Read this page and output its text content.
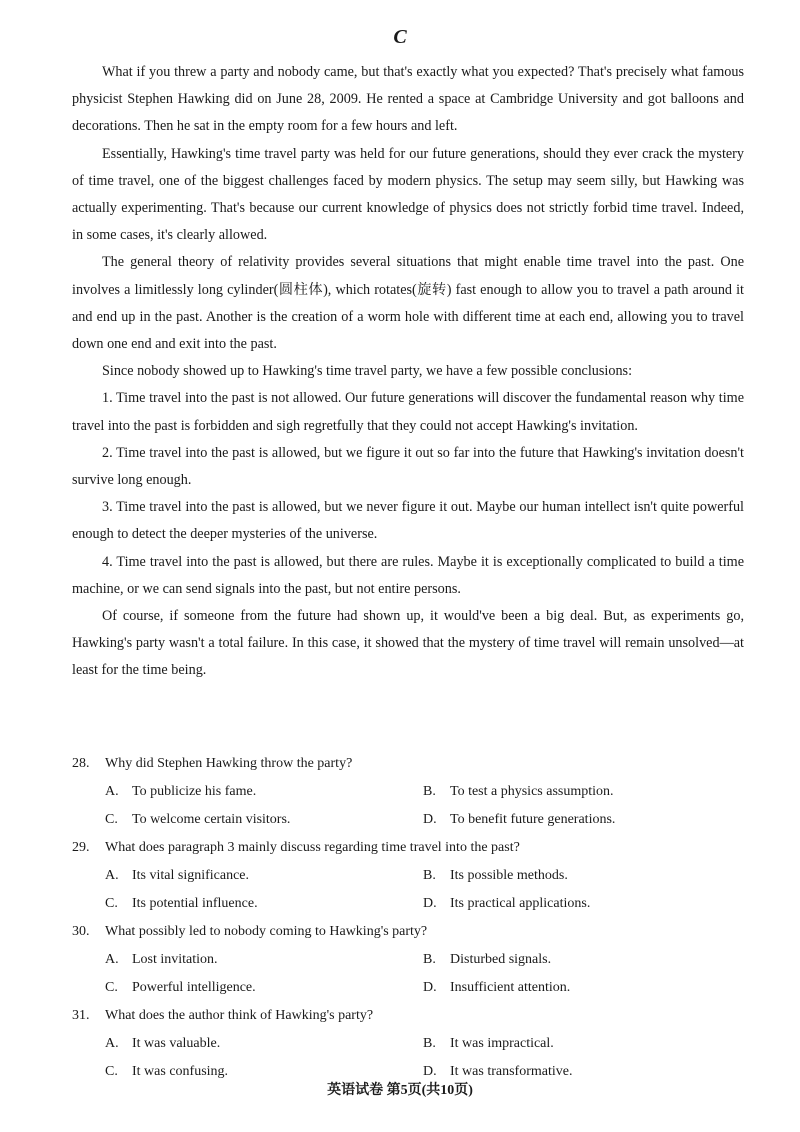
C

What if you threw a party and nobody came, but that's exactly what you expected? That's precisely what famous physicist Stephen Hawking did on June 28, 2009. He rented a space at Cambridge University and got balloons and decorations. Then he sat in the empty room for a few hours and left.

Essentially, Hawking's time travel party was held for our future generations, should they ever crack the mystery of time travel, one of the biggest challenges faced by modern physics. The setup may seem silly, but Hawking was actually experimenting. That's because our current knowledge of physics does not strictly forbid time travel. Indeed, in some cases, it's clearly allowed.

The general theory of relativity provides several situations that might enable time travel into the past. One involves a limitlessly long cylinder(圆柱体), which rotates(旋转) fast enough to allow you to travel a path around it and end up in the past. Another is the creation of a worm hole with different time at each end, allowing you to travel down one end and exit into the past.

Since nobody showed up to Hawking's time travel party, we have a few possible conclusions:

1. Time travel into the past is not allowed. Our future generations will discover the fundamental reason why time travel into the past is forbidden and sigh regretfully that they could not accept Hawking's invitation.

2. Time travel into the past is allowed, but we figure it out so far into the future that Hawking's invitation doesn't survive long enough.

3. Time travel into the past is allowed, but we never figure it out. Maybe our human intellect isn't quite powerful enough to detect the deeper mysteries of the universe.

4. Time travel into the past is allowed, but there are rules. Maybe it is exceptionally complicated to build a time machine, or we can send signals into the past, but not entire persons.

Of course, if someone from the future had shown up, it would've been a big deal. But, as experiments go, Hawking's party wasn't a total failure. In this case, it showed that the mystery of time travel will remain unsolved—at least for the time being.

28. Why did Stephen Hawking throw the party?

A. To publicize his fame.	B.	To test a physics assumption.
C.	To welcome certain visitors.	D. To benefit future generations.

29. What does paragraph 3 mainly discuss regarding time travel into the past?

A. Its vital significance.	B.	Its possible methods.
C.	Its potential influence.	D. Its practical applications.

30. What possibly led to nobody coming to Hawking's party?

A. Lost invitation.	B.	Disturbed signals.
C.	Powerful intelligence.	D. Insufficient attention.

31. What does the author think of Hawking's party?

A. It was valuable.	B.	It was impractical.
C.	It was confusing.	D. It was transformative.

英语试卷 第5页(共10页)
